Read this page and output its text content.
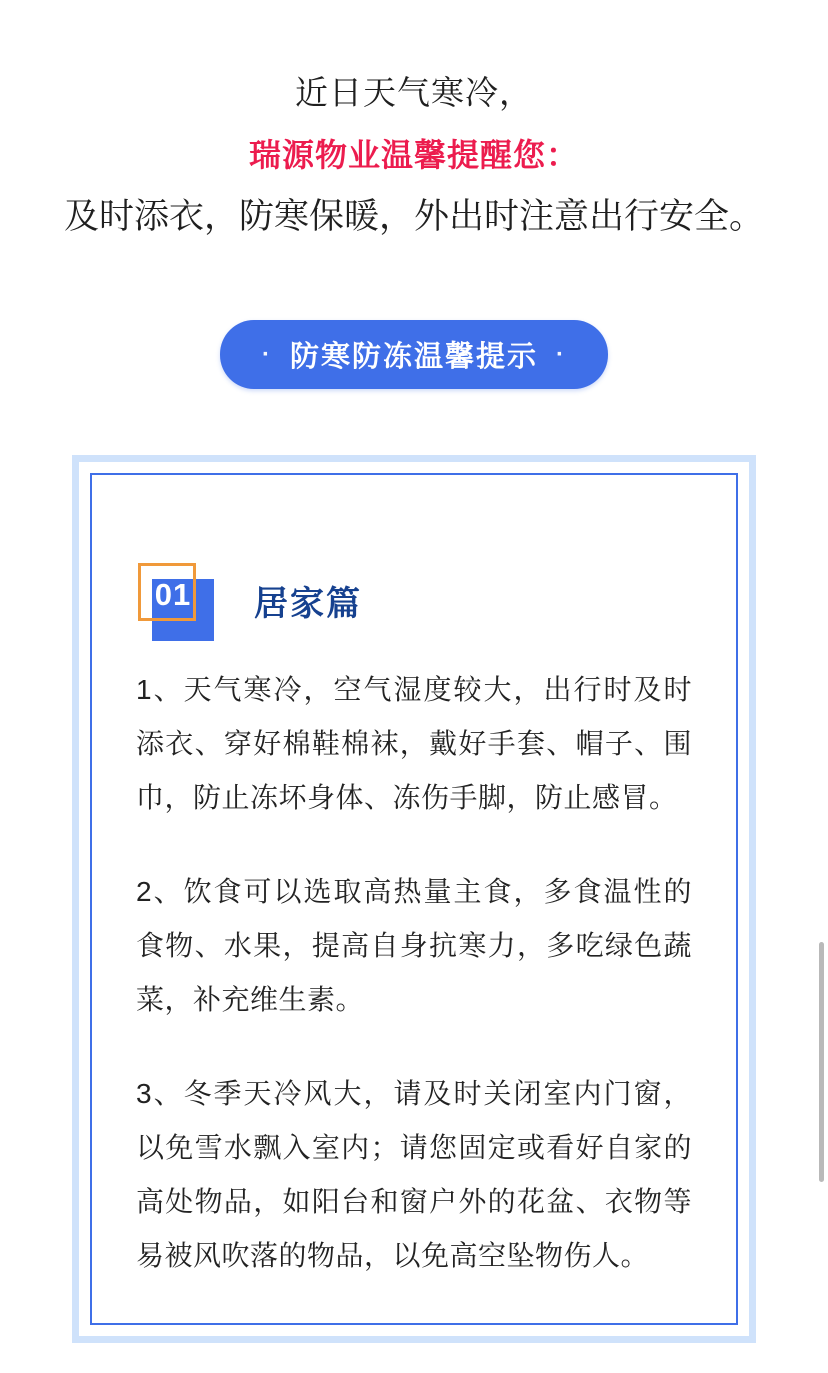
近日天气寒冷，
瑞源物业温馨提醒您：
及时添衣，防寒保暖，外出时注意出行安全。
· 防寒防冻温馨提示 ·
01	居家篇

1、天气寒冷，空气湿度较大，出行时及时添衣、穿好棉鞋棉袜，戴好手套、帽子、围巾，防止冻坏身体、冻伤手脚，防止感冒。

2、饮食可以选取高热量主食，多食温性的食物、水果，提高自身抗寒力，多吃绿色蔬菜，补充维生素。

3、冬季天冷风大，请及时关闭室内门窗，以免雪水飘入室内；请您固定或看好自家的高处物品，如阳台和窗户外的花盆、衣物等易被风吹落的物品，以免高空坠物伤人。
